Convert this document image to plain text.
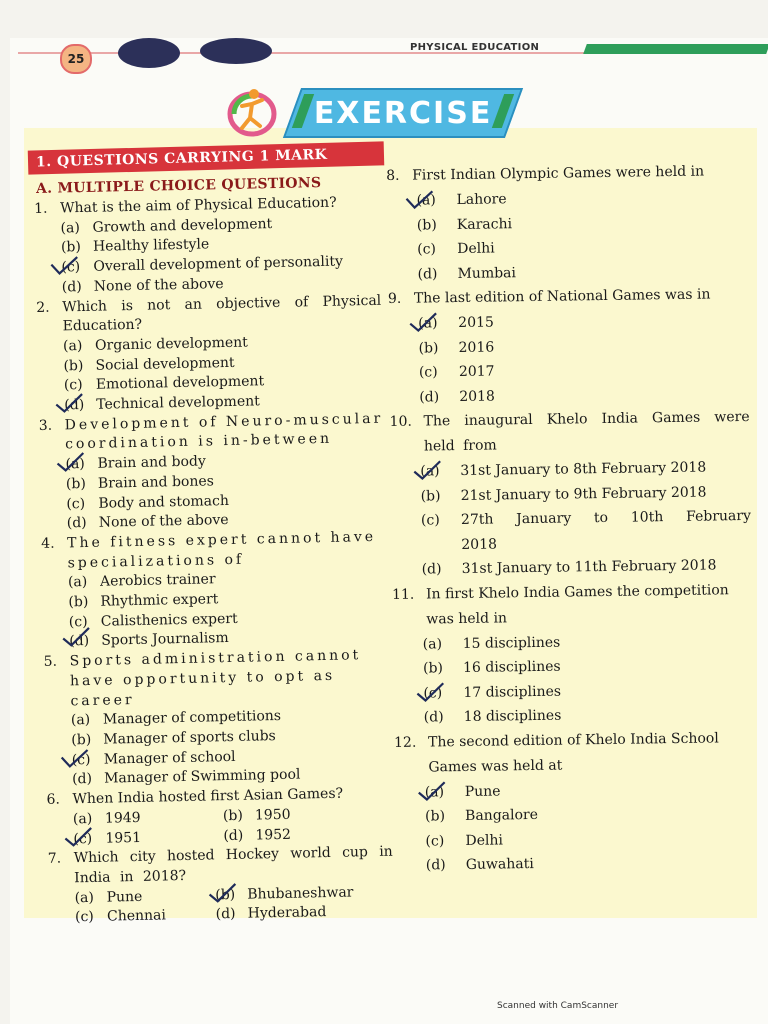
25
PHYSICAL EDUCATION
EXERCISE
1. QUESTIONS CARRYING 1 MARK
A. MULTIPLE CHOICE QUESTIONS
1. What is the aim of Physical Education?
(a) Growth and development
(b) Healthy lifestyle
(c) Overall development of personality
(d) None of the above
2. Which is not an objective of Physical Education?
(a) Organic development
(b) Social development
(c) Emotional development
(d) Technical development
3. Development of Neuro-muscular coordination is in-between
(a) Brain and body
(b) Brain and bones
(c) Body and stomach
(d) None of the above
4. The fitness expert cannot have specializations of
(a) Aerobics trainer
(b) Rhythmic expert
(c) Calisthenics expert
(d) Sports Journalism
5. Sports administration cannot have opportunity to opt as career
(a) Manager of competitions
(b) Manager of sports clubs
(c) Manager of school
(d) Manager of Swimming pool
6. When India hosted first Asian Games?
(a) 1949	(b) 1950
(c) 1951	(d) 1952
7. Which city hosted Hockey world cup in India in 2018?
(a) Pune	(b) Bhubaneshwar
(c) Chennai	(d) Hyderabad
8. First Indian Olympic Games were held in
(a)	Lahore
(b)	Karachi
(c)	Delhi
(d)	Mumbai
9. The last edition of National Games was in
(a)	2015
(b)	2016
(c)	2017
(d)	2018
10. The inaugural Khelo India Games were held from
(a)	31st January to 8th February 2018
(b)	21st January to 9th February 2018
(c)	27th January to 10th February 2018
(d)	31st January to 11th February 2018
11. In first Khelo India Games the competition was held in
(a)	15 disciplines
(b)	16 disciplines
(c)	17 disciplines
(d)	18 disciplines
12. The second edition of Khelo India School Games was held at
(a)	Pune
(b)	Bangalore
(c)	Delhi
(d)	Guwahati
Scanned with CamScanner
